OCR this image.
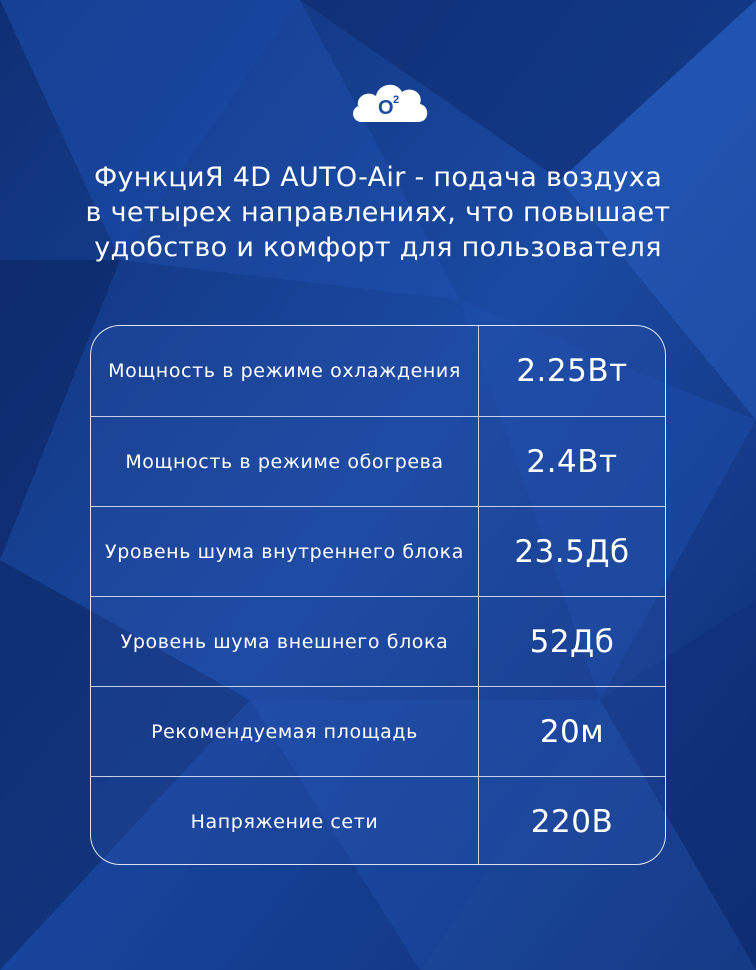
O 2
ФункциЯ 4D AUTO-Air - подача воздуха
в четырех направлениях, что повышает
удобство и комфорт для пользователя
Мощность в режиме охлаждения	2.25Вт
Мощность в режиме обогрева	2.4Вт
Уровень шума внутреннего блока	23.5Дб
Уровень шума внешнего блока	52Дб
Рекомендуемая площадь	20м
Напряжение сети	220В
